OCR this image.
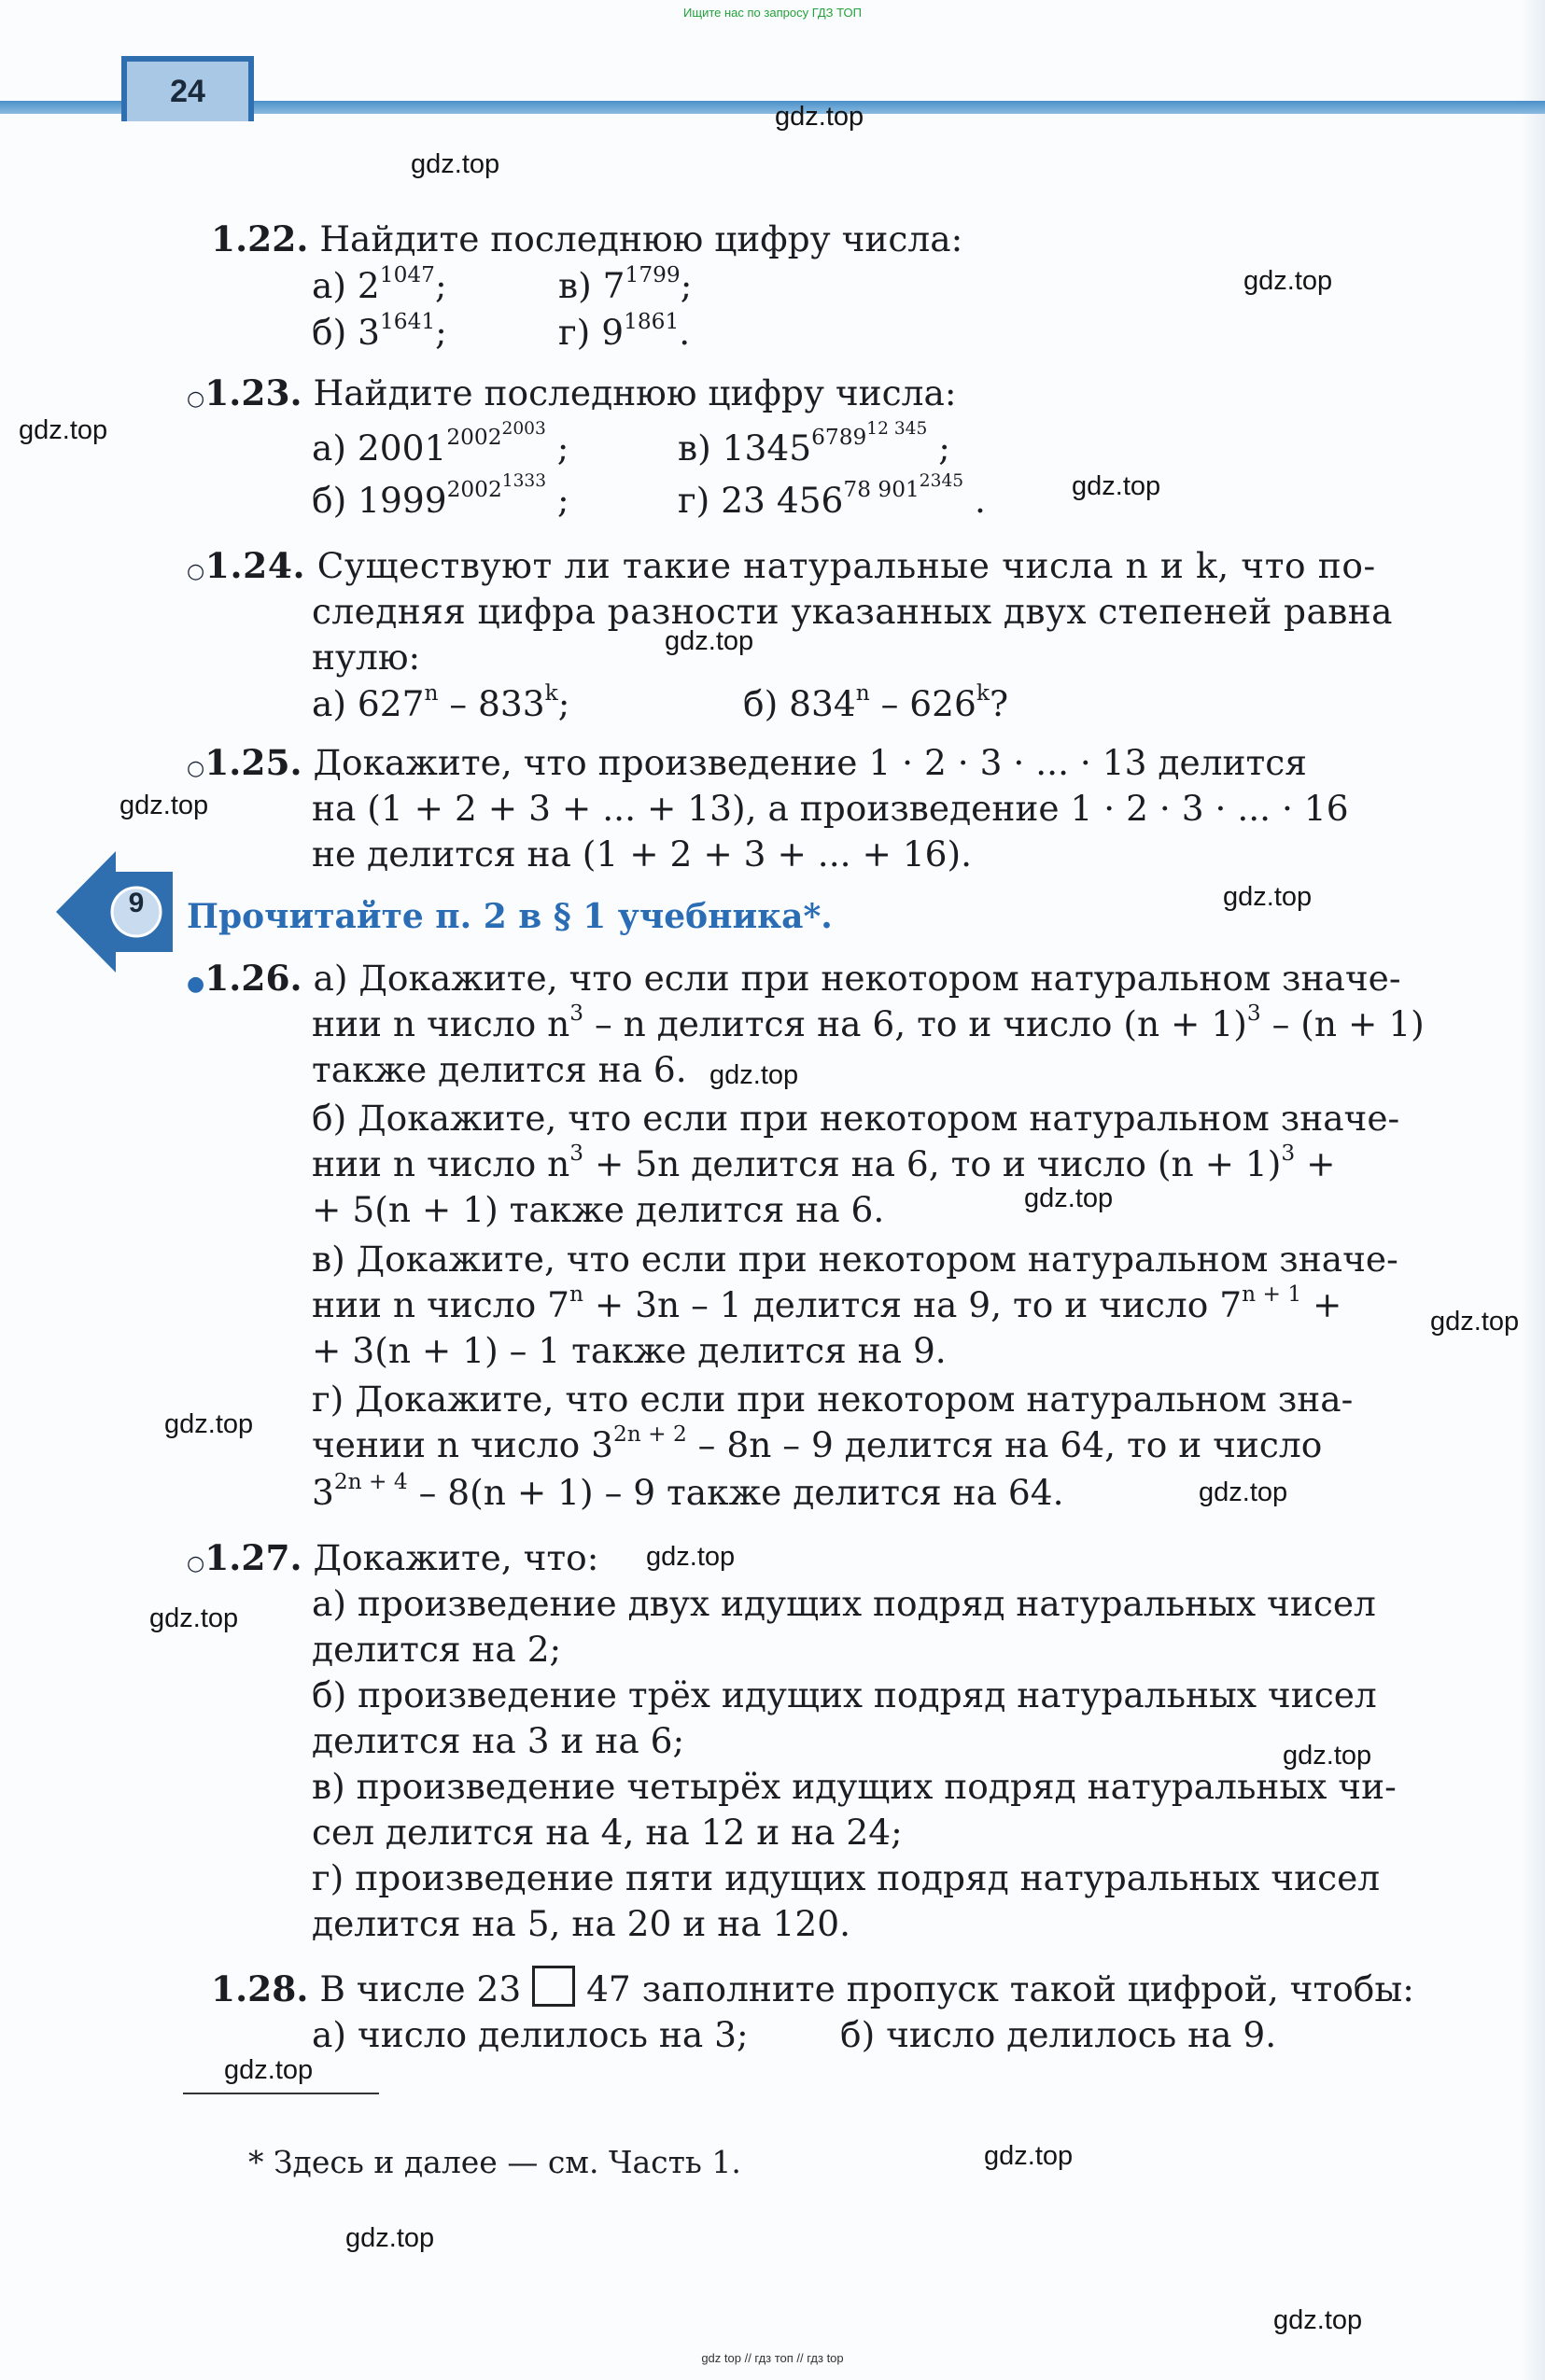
Ищите нас по запросу ГДЗ ТОП
24
1.22. Найдите последнюю цифру числа:
а) $2^{1047}$;	в) $7^{1799}$;
б) $3^{1641}$;	г) $9^{1861}$.
○1.23. Найдите последнюю цифру числа:
а) $2001^{2002^{2003}}$ ;	в) $1345^{6789^{12 345}}$ ;
б) $1999^{2002^{1333}}$ ;	г) 23 $456^{78 901^{2345}}$ .
○1.24. Существуют ли такие натуральные числа n и k, что по-
следняя цифра разности указанных двух степеней равна
нулю:
а) 627$^n$ – 833$^k$;	б) 834$^n$ – 626$^k$?
○1.25. Докажите, что произведение 1 · 2 · 3 · ... · 13 делится
на (1 + 2 + 3 + ... + 13), а произведение 1 · 2 · 3 · ... · 16
не делится на (1 + 2 + 3 + ... + 16).
9 Прочитайте п. 2 в § 1 учебника*.
●1.26. а) Докажите, что если при некотором натуральном значе-
нии n число $n^3$ – n делится на 6, то и число $(n + 1)^3 - (n + 1)$
также делится на 6.
б) Докажите, что если при некотором натуральном значе-
нии n число $n^3 + 5n$ делится на 6, то и число $(n + 1)^3$ +
+ 5(n + 1) также делится на 6.
в) Докажите, что если при некотором натуральном значе-
нии n число $7^n + 3n - 1$ делится на 9, то и число $7^{n + 1}$ +
+ 3(n + 1) – 1 также делится на 9.
г) Докажите, что если при некотором натуральном зна-
чении n число $3^{2n + 2} - 8n - 9$ делится на 64, то и число
$3^{2n + 4} - 8(n + 1) - 9$ также делится на 64.
○1.27. Докажите, что:
а) произведение двух идущих подряд натуральных чисел
делится на 2;
б) произведение трёх идущих подряд натуральных чисел
делится на 3 и на 6;
в) произведение четырёх идущих подряд натуральных чи-
сел делится на 4, на 12 и на 24;
г) произведение пяти идущих подряд натуральных чисел
делится на 5, на 20 и на 120.
1.28. В числе 23 47 заполните пропуск такой цифрой, чтобы:
а) число делилось на 3;	б) число делилось на 9.
* Здесь и далее — см. Часть 1.
gdz.top
gdz.top
gdz.top
gdz.top
gdz.top
gdz.top
gdz.top
gdz.top
gdz.top
gdz.top
gdz.top
gdz.top
gdz.top
gdz.top
gdz.top
gdz.top
gdz.top
gdz.top
gdz.top
gdz.top
gdz top // гдз топ // гдз top
